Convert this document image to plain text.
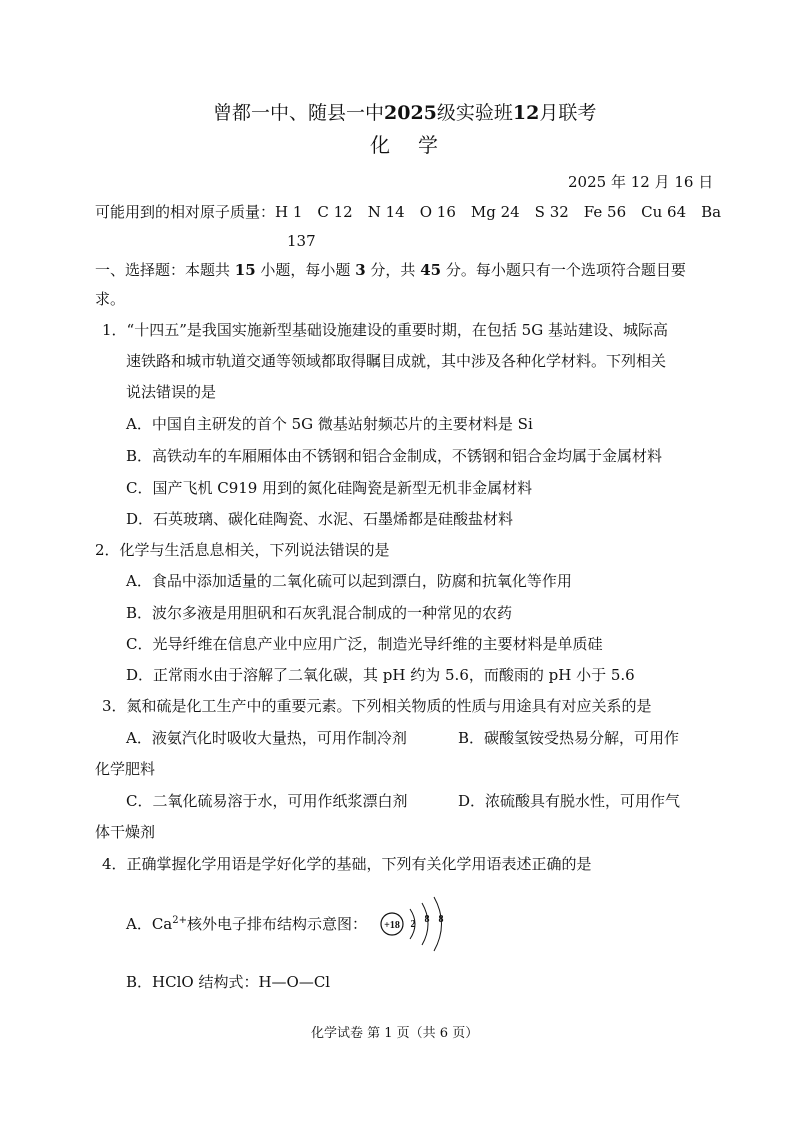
曾都一中、随县一中2025级实验班12月联考
化 学
2025 年 12 月 16 日
可能用到的相对原子质量：H 1　C 12　N 14　O 16　Mg 24　S 32　Fe 56　Cu 64　Ba
137
一、选择题：本题共 15 小题，每小题 3 分，共 45 分。每小题只有一个选项符合题目要
求。
1．“十四五”是我国实施新型基础设施建设的重要时期，在包括 5G 基站建设、城际高
速铁路和城市轨道交通等领域都取得瞩目成就，其中涉及各种化学材料。下列相关
说法错误的是
A．中国自主研发的首个 5G 微基站射频芯片的主要材料是 Si
B．高铁动车的车厢厢体由不锈钢和铝合金制成，不锈钢和铝合金均属于金属材料
C．国产飞机 C919 用到的氮化硅陶瓷是新型无机非金属材料
D．石英玻璃、碳化硅陶瓷、水泥、石墨烯都是硅酸盐材料
2．化学与生活息息相关，下列说法错误的是
A．食品中添加适量的二氧化硫可以起到漂白，防腐和抗氧化等作用
B．波尔多液是用胆矾和石灰乳混合制成的一种常见的农药
C．光导纤维在信息产业中应用广泛，制造光导纤维的主要材料是单质硅
D．正常雨水由于溶解了二氧化碳，其 pH 约为 5.6，而酸雨的 pH 小于 5.6
3．氮和硫是化工生产中的重要元素。下列相关物质的性质与用途具有对应关系的是
A．液氨汽化时吸收大量热，可用作制冷剂	B．碳酸氢铵受热易分解，可用作
化学肥料
C．二氧化硫易溶于水，可用作纸浆漂白剂	D．浓硫酸具有脱水性，可用作气
体干燥剂
4．正确掌握化学用语是学好化学的基础，下列有关化学用语表述正确的是
A．$Ca^{2+}$核外电子排布结构示意图： +18 2 8 8
B．HClO 结构式：H—O—Cl
化学试卷 第 1 页（共 6 页）
